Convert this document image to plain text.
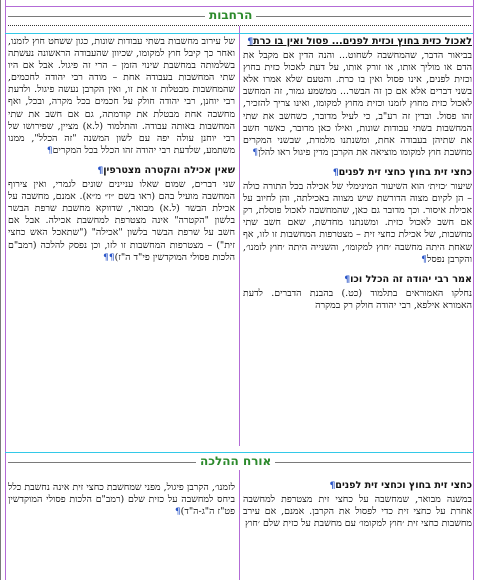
הרחבות
לאכול כזית בחוץ וכזית לפנים... פסול ואין בו כרת¶

בביאור הדבר, שהמחשבה לשחוט... והנה הדין אם מקבל את הדם או מוליך אותו, או זורק אותו, על דעת לאכול כזית בחוץ וכזית לפנים, אינו פסול ואין בו כרת. והטעם שלא אמרו אלא בשני דברים אלא אם כן זה הבשר... ממשמע גמור, זה המחשב לאכול כזית מחוץ לזמנו וכזית מחוץ למקומו, ואינו צריך להזכיר, זהו פסול. ובדין זה רע"ב, כי לעיל מדובר, כשחשב את שתי המחשבות בשתי עבודות שונות, ואילו כאן מדובר, כאשר חשב את שתיהן בעבודה אחת, ומשנתנו מלמדת, שבשני המקרים מחשבת חוץ למקומו מוציאה את הקרבן מדין פיגול ראו להלן¶

כחצי זית בחוץ כחצי זית לפנים¶

שיעור ׳כזית׳ הוא השיעור המינימלי של אכילה בכל התורה כולה – הן לקיום מצוה הדורשת שיש מצווה באכילתה, והן לחיוב על אכילת איסור. וכך מדובר גם כאן, שהמחשבה לאכול פוסלת, רק אם חשב לאכול כזית. ומשנתנו מחדשת, שאם חשב שתי מחשבות, של אכילת כחצי זית – מצטרפות המחשבות זו לזו, אף שאחת היתה מחשבה ׳חוץ למקומו׳, והשנייה היתה ׳חוץ לזמנו׳, והקרבן נפסל¶

אמר רבי יהודה זה הכלל וכו¶

נחלקו האמוראים בתלמוד (כט.) בהבנת הדברים. לדעת האמורא אילפא, רבי יהודה חולק רק במקרה

של עירוב מחשבות בשתי עבודות שונות, כגון ששחט חוץ לזמנו, ואחר כך קיבל חוץ למקומו, שכיוון שהעבודה הראשונה נעשתה בשלמותה במחשבת שינוי הזמן – הרי זה פיגול. אבל אם היו שתי המחשבות בעבודה אחת – מודה רבי יהודה לחכמים, שהמחשבות מבטלות זו את זו, ואין הקרבן נעשה פיגול. ולדעת רבי יוחנן, רבי יהודה חולק על חכמים בכל מקרה, ובכל, ואף מחשבה אחת מבטלת את קודמתה, גם אם חשב את שתי המחשבות באותה עבודה. והתלמוד (ל.א) מציין, שפירושו של רבי יוחנן עולה יפה עם לשון המשנה "זה הכלל", ממנו משתמע, שלדעת רבי יהודה זהו הכלל בכל המקרים¶

שאין אכילה והקטרה מצטרפין¶

שני דברים, שמום שאלו עניינים שונים לגמרי, ואין צירוף המחשבה מועיל בהם (ראו בשם ״ז״ מ״א). אמנם, מחשבה על אכילת הבשר (ל.א) מבואר, שדווקא מחשבת שרפת הבשר בלשון "הקטרה" אינה מצטרפת למחשבת אכילה. אבל אם חשב על שרפת הבשר בלשון "אכילה" ("שתאכל האש כחצי זית") – מצטרפות המחשבות זו לזו, וכן נפסק להלכה (רמב"ם הלכות פסולי המוקדשין פי"ד ה"ז)¶¶

אורח ההלכה
כחצי זית בחוץ וכחצי זית לפנים¶

במשנה מבואר, שמחשבה על כחצי זית מצטרפת למחשבה אחרת על כחצי זית כדי לפסול את הקרבן. אמנם, אם עירב מחשבות כחצי זית ׳חוץ למקומו׳ עם מחשבת על כזית שלם ׳חוץ

לזמנו׳, הקרבן פיגול, מפני שמחשבת כחצי זית אינה נחשבת כלל ביחס למחשבה על כזית שלם (רמב"ם הלכות פסולי המוקדשין פט"ז ה"ג-ה"ד)¶
